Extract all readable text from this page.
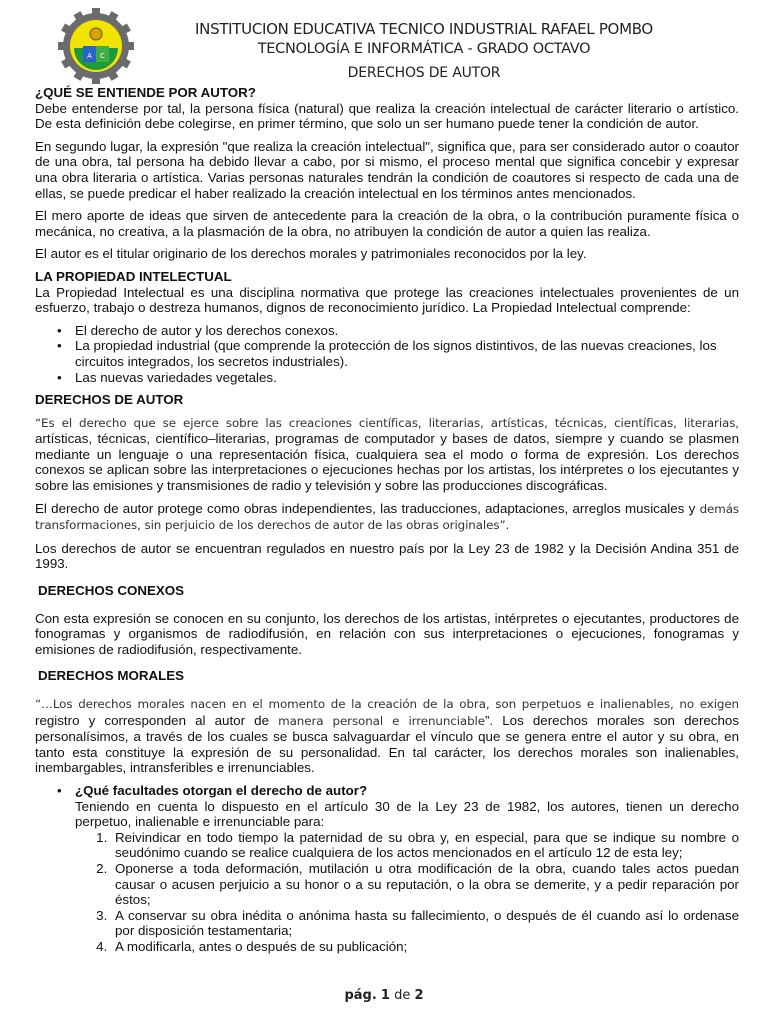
A C
INSTITUCION EDUCATIVA TECNICO INDUSTRIAL RAFAEL POMBO
TECNOLOGÍA E INFORMÁTICA - GRADO OCTAVO
DERECHOS DE AUTOR
¿QUÉ SE ENTIENDE POR AUTOR?

Debe entenderse por tal, la persona física (natural) que realiza la creación intelectual de carácter literario o artístico. De esta definición debe colegirse, en primer término, que solo un ser humano puede tener la condición de autor.

En segundo lugar, la expresión "que realiza la creación intelectual", significa que, para ser considerado autor o coautor de una obra, tal persona ha debido llevar a cabo, por si mismo, el proceso mental que significa concebir y expresar una obra literaria o artística. Varias personas naturales tendrán la condición de coautores si respecto de cada una de ellas, se puede predicar el haber realizado la creación intelectual en los términos antes mencionados.

El mero aporte de ideas que sirven de antecedente para la creación de la obra, o la contribución puramente física o mecánica, no creativa, a la plasmación de la obra, no atribuyen la condición de autor a quien las realiza.

El autor es el titular originario de los derechos morales y patrimoniales reconocidos por la ley.

LA PROPIEDAD INTELECTUAL

La Propiedad Intelectual es una disciplina normativa que protege las creaciones intelectuales provenientes de un esfuerzo, trabajo o destreza humanos, dignos de reconocimiento jurídico. La Propiedad Intelectual comprende:

• El derecho de autor y los derechos conexos.
• La propiedad industrial (que comprende la protección de los signos distintivos, de las nuevas creaciones, los circuitos integrados, los secretos industriales).
• Las nuevas variedades vegetales.
DERECHOS DE AUTOR

“Es el derecho que se ejerce sobre las creaciones científicas, literarias, artísticas, técnicas, científicas, literarias, artísticas, técnicas, científico–literarias, programas de computador y bases de datos, siempre y cuando se plasmen mediante un lenguaje o una representación física, cualquiera sea el modo o forma de expresión. Los derechos conexos se aplican sobre las interpretaciones o ejecuciones hechas por los artistas, los intérpretes o los ejecutantes y sobre las emisiones y transmisiones de radio y televisión y sobre las producciones discográficas.

El derecho de autor protege como obras independientes, las traducciones, adaptaciones, arreglos musicales y demás transformaciones, sin perjuicio de los derechos de autor de las obras originales”.

Los derechos de autor se encuentran regulados en nuestro país por la Ley 23 de 1982 y la Decisión Andina 351 de 1993.

DERECHOS CONEXOS

Con esta expresión se conocen en su conjunto, los derechos de los artistas, intérpretes o ejecutantes, productores de fonogramas y organismos de radiodifusión, en relación con sus interpretaciones o ejecuciones, fonogramas y emisiones de radiodifusión, respectivamente.

DERECHOS MORALES

“…Los derechos morales nacen en el momento de la creación de la obra, son perpetuos e inalienables, no exigen registro y corresponden al autor de manera personal e irrenunciable”. Los derechos morales son derechos personalísimos, a través de los cuales se busca salvaguardar el vínculo que se genera entre el autor y su obra, en tanto esta constituye la expresión de su personalidad. En tal carácter, los derechos morales son inalienables, inembargables, intransferibles e irrenunciables.

• ¿Qué facultades otorgan el derecho de autor?
Teniendo en cuenta lo dispuesto en el artículo 30 de la Ley 23 de 1982, los autores, tienen un derecho perpetuo, inalienable e irrenunciable para:
1. Reivindicar en todo tiempo la paternidad de su obra y, en especial, para que se indique su nombre o seudónimo cuando se realice cualquiera de los actos mencionados en el artículo 12 de esta ley;
2. Oponerse a toda deformación, mutilación u otra modificación de la obra, cuando tales actos puedan causar o acusen perjuicio a su honor o a su reputación, o la obra se demerite, y a pedir reparación por éstos;
3. A conservar su obra inédita o anónima hasta su fallecimiento, o después de él cuando así lo ordenase por disposición testamentaria;
4. A modificarla, antes o después de su publicación;
pág. 1 de 2
